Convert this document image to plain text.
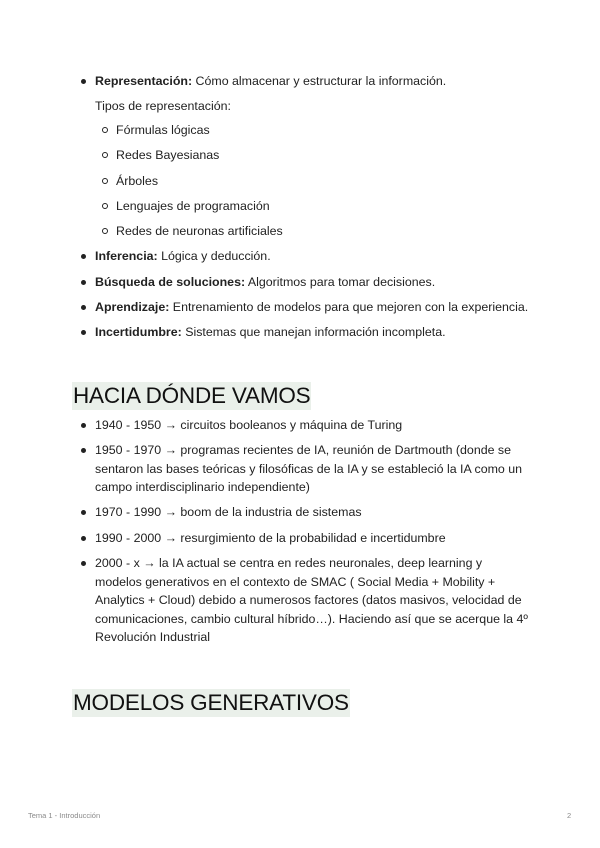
Representación: Cómo almacenar y estructurar la información.
Tipos de representación:
Fórmulas lógicas
Redes Bayesianas
Árboles
Lenguajes de programación
Redes de neuronas artificiales
Inferencia: Lógica y deducción.
Búsqueda de soluciones: Algoritmos para tomar decisiones.
Aprendizaje: Entrenamiento de modelos para que mejoren con la experiencia.
Incertidumbre: Sistemas que manejan información incompleta.
HACIA DÓNDE VAMOS
1940 - 1950 → circuitos booleanos y máquina de Turing
1950 - 1970 → programas recientes de IA, reunión de Dartmouth (donde se sentaron las bases teóricas y filosóficas de la IA y se estableció la IA como un campo interdisciplinario independiente)
1970 - 1990 → boom de la industria de sistemas
1990 - 2000 → resurgimiento de la probabilidad e incertidumbre
2000 - x → la IA actual se centra en redes neuronales, deep learning y modelos generativos en el contexto de SMAC ( Social Media + Mobility + Analytics + Cloud) debido a numerosos factores (datos masivos, velocidad de comunicaciones, cambio cultural híbrido…). Haciendo así que se acerque la 4º Revolución Industrial
MODELOS GENERATIVOS
Tema 1 - Introducción	2
